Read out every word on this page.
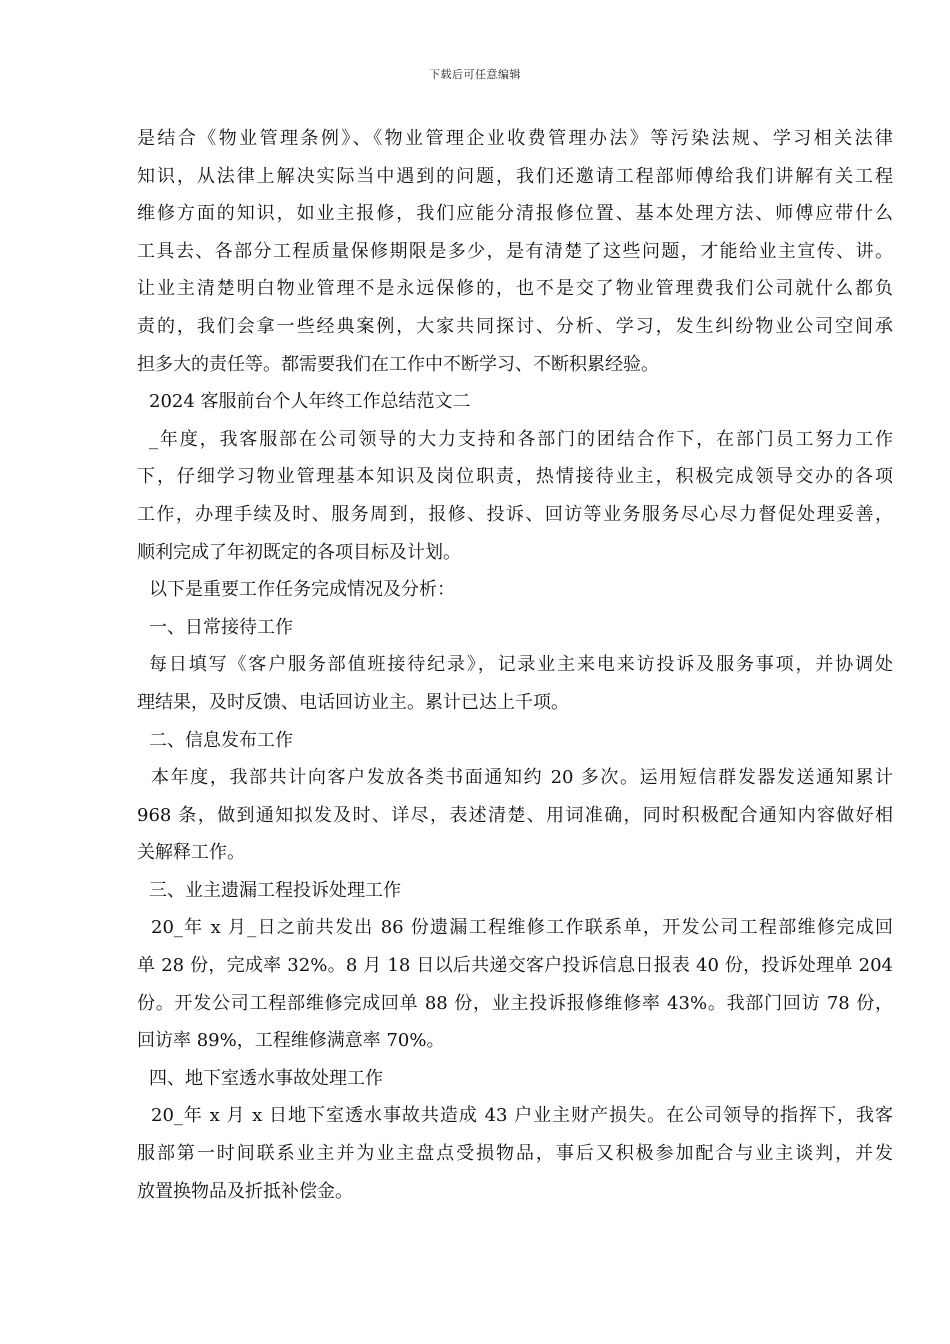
下载后可任意编辑
是结合《物业管理条例》、《物业管理企业收费管理办法》等污染法规、学习相关法律
知识，从法律上解决实际当中遇到的问题，我们还邀请工程部师傅给我们讲解有关工程
维修方面的知识，如业主报修，我们应能分清报修位置、基本处理方法、师傅应带什么
工具去、各部分工程质量保修期限是多少，是有清楚了这些问题，才能给业主宣传、讲。
让业主清楚明白物业管理不是永远保修的，也不是交了物业管理费我们公司就什么都负
责的，我们会拿一些经典案例，大家共同探讨、分析、学习，发生纠纷物业公司空间承
担多大的责任等。都需要我们在工作中不断学习、不断积累经验。
2024 客服前台个人年终工作总结范文二
_年度，我客服部在公司领导的大力支持和各部门的团结合作下，在部门员工努力工作
下，仔细学习物业管理基本知识及岗位职责，热情接待业主，积极完成领导交办的各项
工作，办理手续及时、服务周到，报修、投诉、回访等业务服务尽心尽力督促处理妥善，
顺利完成了年初既定的各项目标及计划。
以下是重要工作任务完成情况及分析：
一、日常接待工作
每日填写《客户服务部值班接待纪录》，记录业主来电来访投诉及服务事项，并协调处
理结果，及时反馈、电话回访业主。累计已达上千项。
二、信息发布工作
本年度，我部共计向客户发放各类书面通知约 20 多次。运用短信群发器发送通知累计
968 条，做到通知拟发及时、详尽，表述清楚、用词准确，同时积极配合通知内容做好相
关解释工作。
三、业主遗漏工程投诉处理工作
20_年 x 月_日之前共发出 86 份遗漏工程维修工作联系单，开发公司工程部维修完成回
单 28 份，完成率 32%。8 月 18 日以后共递交客户投诉信息日报表 40 份，投诉处理单 204
份。开发公司工程部维修完成回单 88 份，业主投诉报修维修率 43%。我部门回访 78 份，
回访率 89%，工程维修满意率 70%。
四、地下室透水事故处理工作
20_年 x 月 x 日地下室透水事故共造成 43 户业主财产损失。在公司领导的指挥下，我客
服部第一时间联系业主并为业主盘点受损物品，事后又积极参加配合与业主谈判，并发
放置换物品及折抵补偿金。
